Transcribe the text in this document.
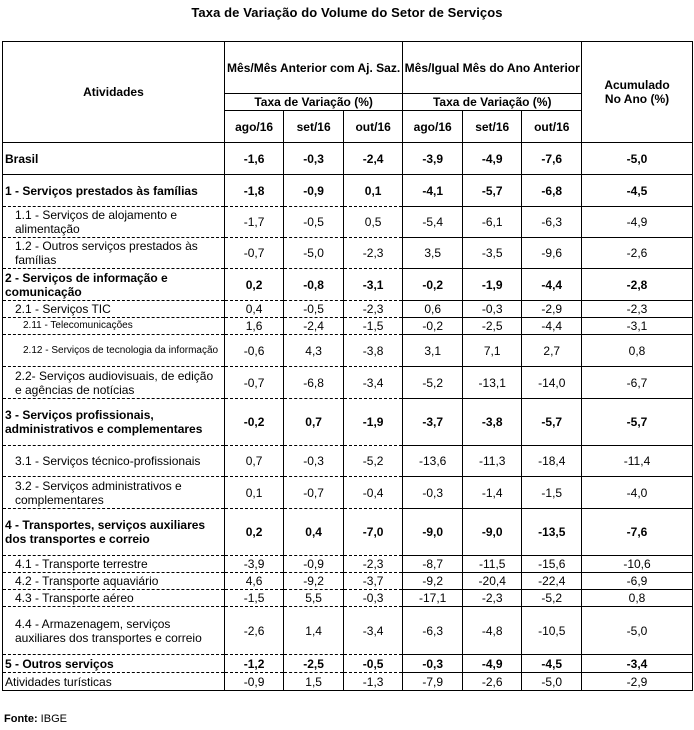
Taxa de Variação do Volume do Setor de Serviços
Atividades	Mês/Mês Anterior com Aj. Saz.			Mês/Igual Mês do Ano Anterior			Acumulado No Ano (%)
	Taxa de Variação (%)			Taxa de Variação (%)			
	ago/16	set/16	out/16	ago/16	set/16	out/16	
Brasil	-1,6	-0,3	-2,4	-3,9	-4,9	-7,6	-5,0
1 - Serviços prestados às famílias	-1,8	-0,9	0,1	-4,1	-5,7	-6,8	-4,5
1.1 - Serviços de alojamento e alimentação	-1,7	-0,5	0,5	-5,4	-6,1	-6,3	-4,9
1.2 - Outros serviços prestados às famílias	-0,7	-5,0	-2,3	3,5	-3,5	-9,6	-2,6
2 - Serviços de informação e comunicação	0,2	-0,8	-3,1	-0,2	-1,9	-4,4	-2,8
2.1 - Serviços TIC	0,4	-0,5	-2,3	0,6	-0,3	-2,9	-2,3
2.11 - Telecomunicações	1,6	-2,4	-1,5	-0,2	-2,5	-4,4	-3,1
2.12 - Serviços de tecnologia da informação	-0,6	4,3	-3,8	3,1	7,1	2,7	0,8
2.2- Serviços audiovisuais, de edição e agências de notícias	-0,7	-6,8	-3,4	-5,2	-13,1	-14,0	-6,7
3 - Serviços profissionais, administrativos e complementares	-0,2	0,7	-1,9	-3,7	-3,8	-5,7	-5,7
3.1 - Serviços técnico-profissionais	0,7	-0,3	-5,2	-13,6	-11,3	-18,4	-11,4
3.2 - Serviços administrativos e complementares	0,1	-0,7	-0,4	-0,3	-1,4	-1,5	-4,0
4 - Transportes, serviços auxiliares dos transportes e correio	0,2	0,4	-7,0	-9,0	-9,0	-13,5	-7,6
4.1 - Transporte terrestre	-3,9	-0,9	-2,3	-8,7	-11,5	-15,6	-10,6
4.2 - Transporte aquaviário	4,6	-9,2	-3,7	-9,2	-20,4	-22,4	-6,9
4.3 - Transporte aéreo	-1,5	5,5	-0,3	-17,1	-2,3	-5,2	0,8
4.4 - Armazenagem, serviços auxiliares dos transportes e correio	-2,6	1,4	-3,4	-6,3	-4,8	-10,5	-5,0
5 - Outros serviços	-1,2	-2,5	-0,5	-0,3	-4,9	-4,5	-3,4
Atividades turísticas	-0,9	1,5	-1,3	-7,9	-2,6	-5,0	-2,9
Fonte: IBGE
